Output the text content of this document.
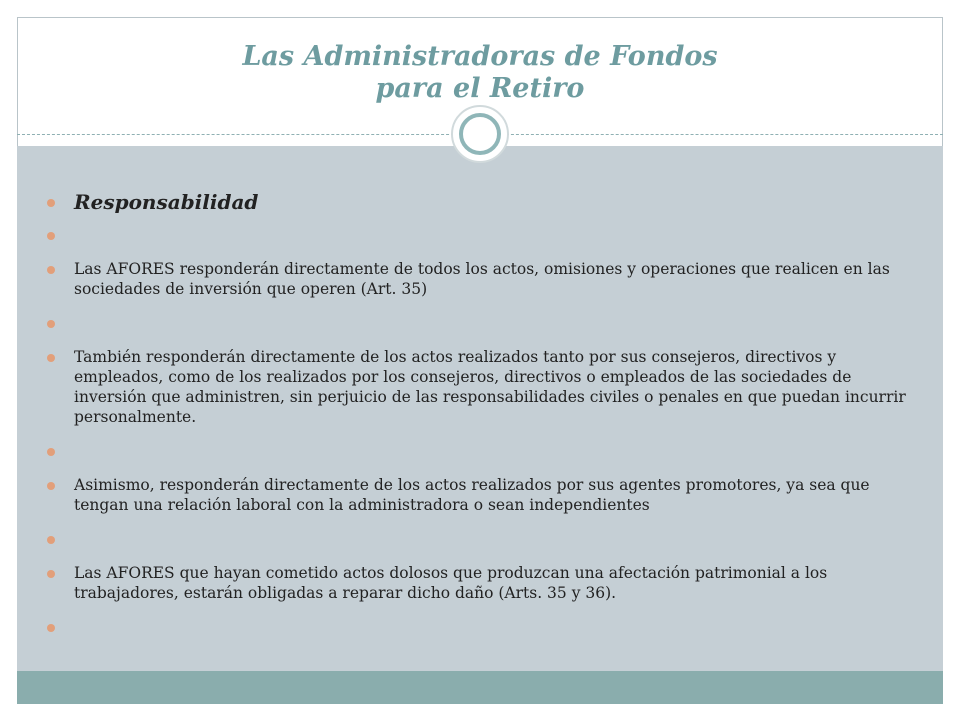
Las Administradoras de Fondos
para el Retiro
Responsabilidad
Las AFORES responderán directamente de todos los actos, omisiones y operaciones que realicen en las sociedades de inversión que operen (Art. 35)
También responderán directamente de los actos realizados tanto por sus consejeros, directivos y empleados, como de los realizados por los consejeros, directivos o empleados de las sociedades de inversión que administren, sin perjuicio de las responsabilidades civiles o penales en que puedan incurrir personalmente.
Asimismo, responderán directamente de los actos realizados por sus agentes promotores, ya sea que tengan una relación laboral con la administradora o sean independientes
Las AFORES que hayan cometido actos dolosos que produzcan una afectación patrimonial a los trabajadores, estarán obligadas a reparar dicho daño (Arts. 35 y 36).
